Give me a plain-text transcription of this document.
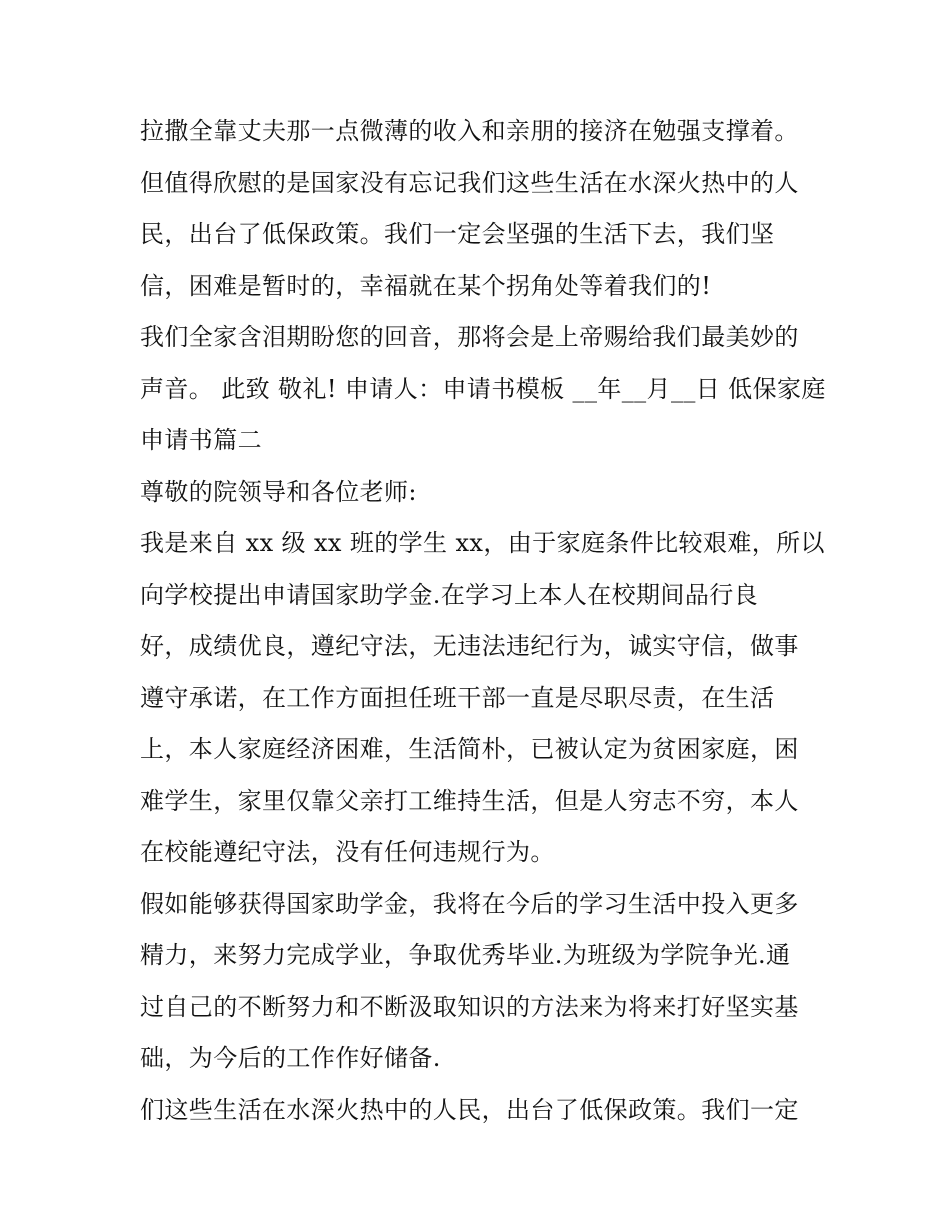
拉撒全靠丈夫那一点微薄的收入和亲朋的接济在勉强支撑着。
但值得欣慰的是国家没有忘记我们这些生活在水深火热中的人
民，出台了低保政策。我们一定会坚强的生活下去，我们坚
信，困难是暂时的，幸福就在某个拐角处等着我们的!
我们全家含泪期盼您的回音，那将会是上帝赐给我们最美妙的
声音。 此致 敬礼! 申请人：申请书模板 __年__月__日 低保家庭
申请书篇二
尊敬的院领导和各位老师:
我是来自 xx 级 xx 班的学生 xx，由于家庭条件比较艰难，所以
向学校提出申请国家助学金.在学习上本人在校期间品行良
好，成绩优良，遵纪守法，无违法违纪行为，诚实守信，做事
遵守承诺，在工作方面担任班干部一直是尽职尽责，在生活
上，本人家庭经济困难，生活简朴，已被认定为贫困家庭，困
难学生，家里仅靠父亲打工维持生活，但是人穷志不穷，本人
在校能遵纪守法，没有任何违规行为。
假如能够获得国家助学金，我将在今后的学习生活中投入更多
精力，来努力完成学业，争取优秀毕业.为班级为学院争光.通
过自己的不断努力和不断汲取知识的方法来为将来打好坚实基
础，为今后的工作作好储备.
们这些生活在水深火热中的人民，出台了低保政策。我们一定
